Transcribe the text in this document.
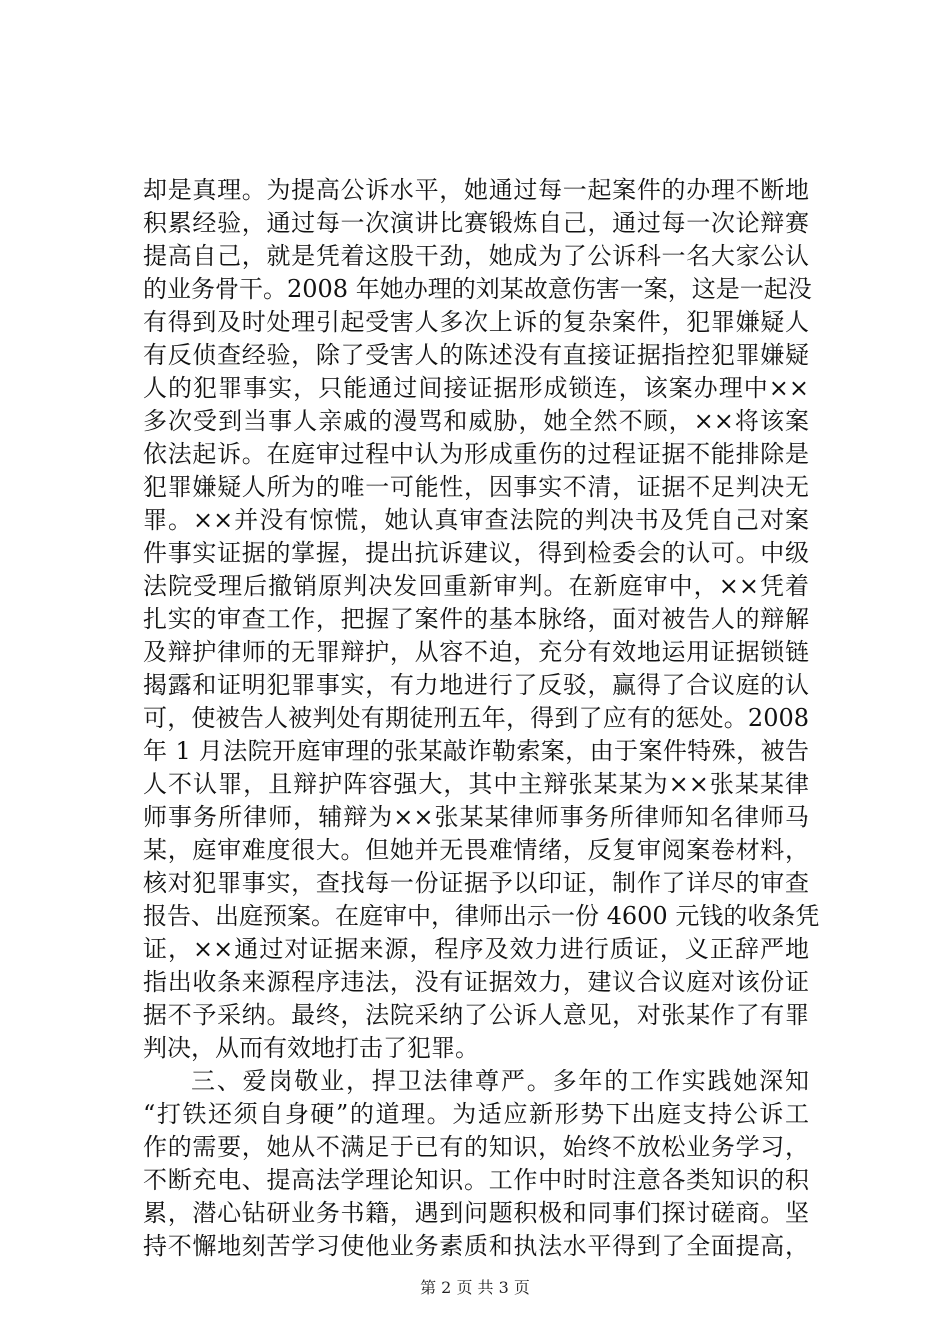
却是真理。为提高公诉水平，她通过每一起案件的办理不断地
积累经验，通过每一次演讲比赛锻炼自己，通过每一次论辩赛
提高自己，就是凭着这股干劲，她成为了公诉科一名大家公认
的业务骨干。2008 年她办理的刘某故意伤害一案，这是一起没
有得到及时处理引起受害人多次上诉的复杂案件，犯罪嫌疑人
有反侦查经验，除了受害人的陈述没有直接证据指控犯罪嫌疑
人的犯罪事实，只能通过间接证据形成锁连，该案办理中××
多次受到当事人亲戚的漫骂和威胁，她全然不顾，××将该案
依法起诉。在庭审过程中认为形成重伤的过程证据不能排除是
犯罪嫌疑人所为的唯一可能性，因事实不清，证据不足判决无
罪。××并没有惊慌，她认真审查法院的判决书及凭自己对案
件事实证据的掌握，提出抗诉建议，得到检委会的认可。中级
法院受理后撤销原判决发回重新审判。在新庭审中，××凭着
扎实的审查工作，把握了案件的基本脉络，面对被告人的辩解
及辩护律师的无罪辩护，从容不迫，充分有效地运用证据锁链
揭露和证明犯罪事实，有力地进行了反驳，赢得了合议庭的认
可，使被告人被判处有期徒刑五年，得到了应有的惩处。2008
年 1 月法院开庭审理的张某敲诈勒索案，由于案件特殊，被告
人不认罪，且辩护阵容强大，其中主辩张某某为××张某某律
师事务所律师，辅辩为××张某某律师事务所律师知名律师马
某，庭审难度很大。但她并无畏难情绪，反复审阅案卷材料，
核对犯罪事实，查找每一份证据予以印证，制作了详尽的审查
报告、出庭预案。在庭审中，律师出示一份 4600 元钱的收条凭
证，××通过对证据来源，程序及效力进行质证，义正辞严地
指出收条来源程序违法，没有证据效力，建议合议庭对该份证
据不予采纳。最终，法院采纳了公诉人意见，对张某作了有罪
判决，从而有效地打击了犯罪。
三、爱岗敬业，捍卫法律尊严。多年的工作实践她深知
“打铁还须自身硬”的道理。为适应新形势下出庭支持公诉工
作的需要，她从不满足于已有的知识，始终不放松业务学习，
不断充电、提高法学理论知识。工作中时时注意各类知识的积
累，潜心钻研业务书籍，遇到问题积极和同事们探讨磋商。坚
持不懈地刻苦学习使他业务素质和执法水平得到了全面提高，
第 2 页 共 3 页
